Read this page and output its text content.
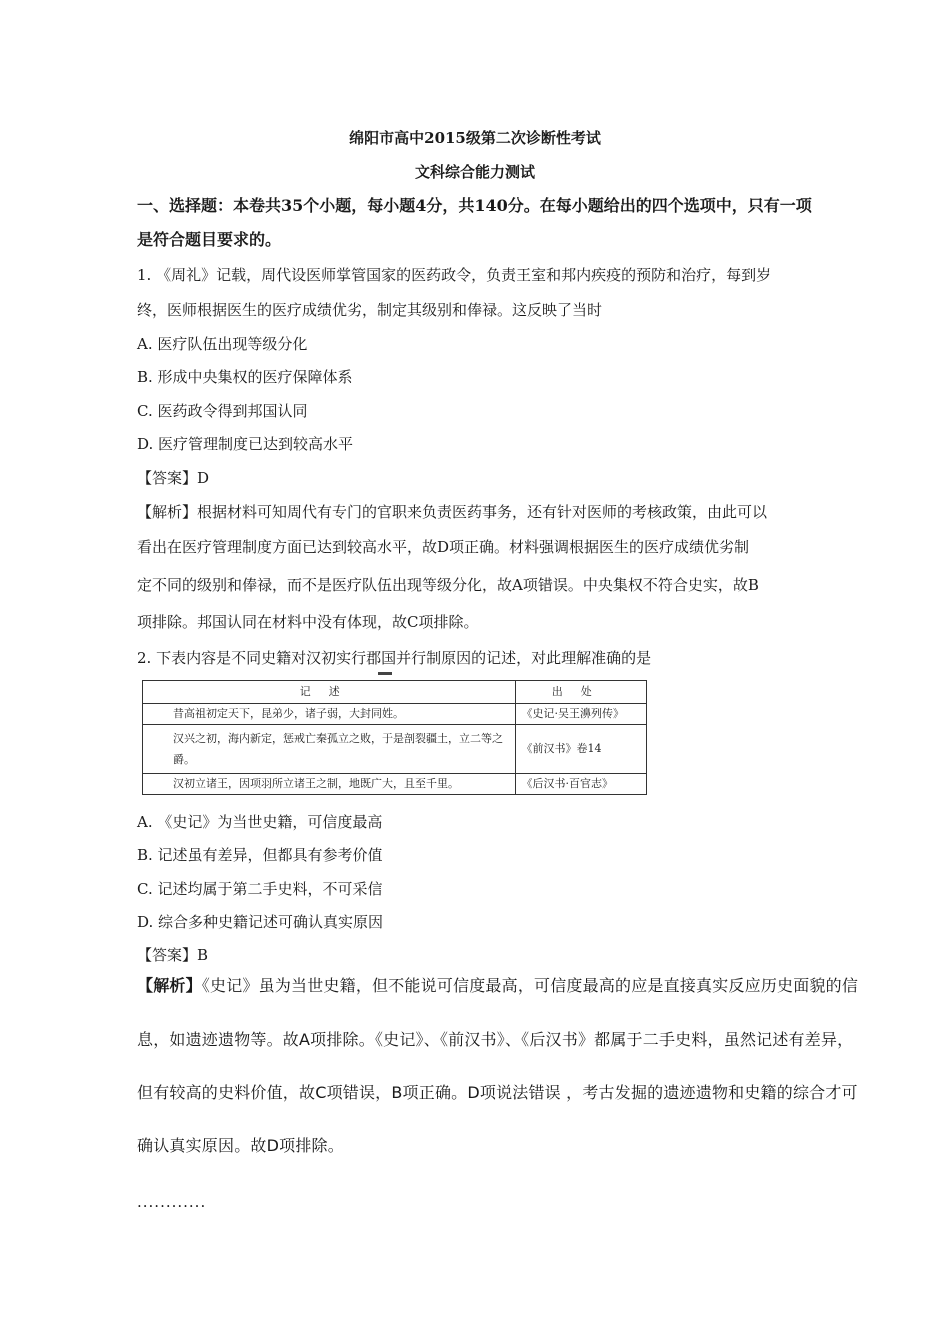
绵阳市高中2015级第二次诊断性考试
文科综合能力测试
一、选择题：本卷共35个小题，每小题4分，共140分。在每小题给出的四个选项中，只有一项
是符合题目要求的。
1. 《周礼》记载，周代设医师掌管国家的医药政令，负责王室和邦内疾疫的预防和治疗，每到岁
终，医师根据医生的医疗成绩优劣，制定其级别和俸禄。这反映了当时
A. 医疗队伍出现等级分化
B. 形成中央集权的医疗保障体系
C. 医药政令得到邦国认同
D. 医疗管理制度已达到较高水平
【答案】D
【解析】根据材料可知周代有专门的官职来负责医药事务，还有针对医师的考核政策，由此可以
看出在医疗管理制度方面已达到较高水平，故D项正确。材料强调根据医生的医疗成绩优劣制
定不同的级别和俸禄，而不是医疗队伍出现等级分化，故A项错误。中央集权不符合史实，故B
项排除。邦国认同在材料中没有体现，故C项排除。
2. 下表内容是不同史籍对汉初实行郡国并行制原因的记述，对此理解准确的是
记述	出处
昔高祖初定天下，昆弟少，诸子弱，大封同姓。	《史记·吴王濞列传》
汉兴之初，海内新定，惩戒亡秦孤立之败，于是剖裂疆土，立二等之爵。	《前汉书》卷14
汉初立诸王，因项羽所立诸王之制，地既广大，且至千里。	《后汉书·百官志》
A. 《史记》为当世史籍，可信度最高
B. 记述虽有差异，但都具有参考价值
C. 记述均属于第二手史料，不可采信
D. 综合多种史籍记述可确认真实原因
【答案】B
【解析】《史记》虽为当世史籍，但不能说可信度最高，可信度最高的应是直接真实反应历史面貌的信
息，如遗迹遗物等。故A项排除。《史记》、《前汉书》、《后汉书》都属于二手史料，虽然记述有差异，
但有较高的史料价值，故C项错误，B项正确。D项说法错误 ，考古发掘的遗迹遗物和史籍的综合才可
确认真实原因。故D项排除。
............
